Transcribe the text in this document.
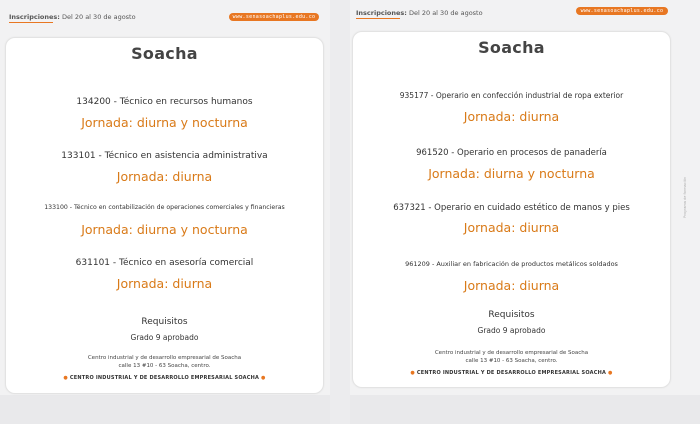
Inscripciones: Del 20 al 30 de agosto	www.senasoachaplus.edu.co
Soacha
134200 - Técnico en recursos humanos
Jornada: diurna y nocturna
133101 - Técnico en asistencia administrativa
Jornada: diurna
133100 - Técnico en contabilización de operaciones comerciales y financieras
Jornada: diurna y nocturna
631101 - Técnico en asesoría comercial
Jornada: diurna
Requisitos
Grado 9 aprobado
Centro industrial y de desarrollo empresarial de Soacha
calle 13 #10 - 63 Soacha, centro.
● CENTRO INDUSTRIAL Y DE DESARROLLO EMPRESARIAL SOACHA ●
Inscripciones: Del 20 al 30 de agosto	www.senasoachaplus.edu.co
Soacha
935177 - Operario en confección industrial de ropa exterior
Jornada: diurna
961520 - Operario en procesos de panadería
Jornada: diurna y nocturna
637321 - Operario en cuidado estético de manos y pies
Jornada: diurna
961209 - Auxiliar en fabricación de productos metálicos soldados
Jornada: diurna
Requisitos
Grado 9 aprobado
Centro industrial y de desarrollo empresarial de Soacha
calle 13 #10 - 63 Soacha, centro.
● CENTRO INDUSTRIAL Y DE DESARROLLO EMPRESARIAL SOACHA ●
Programa de formación
